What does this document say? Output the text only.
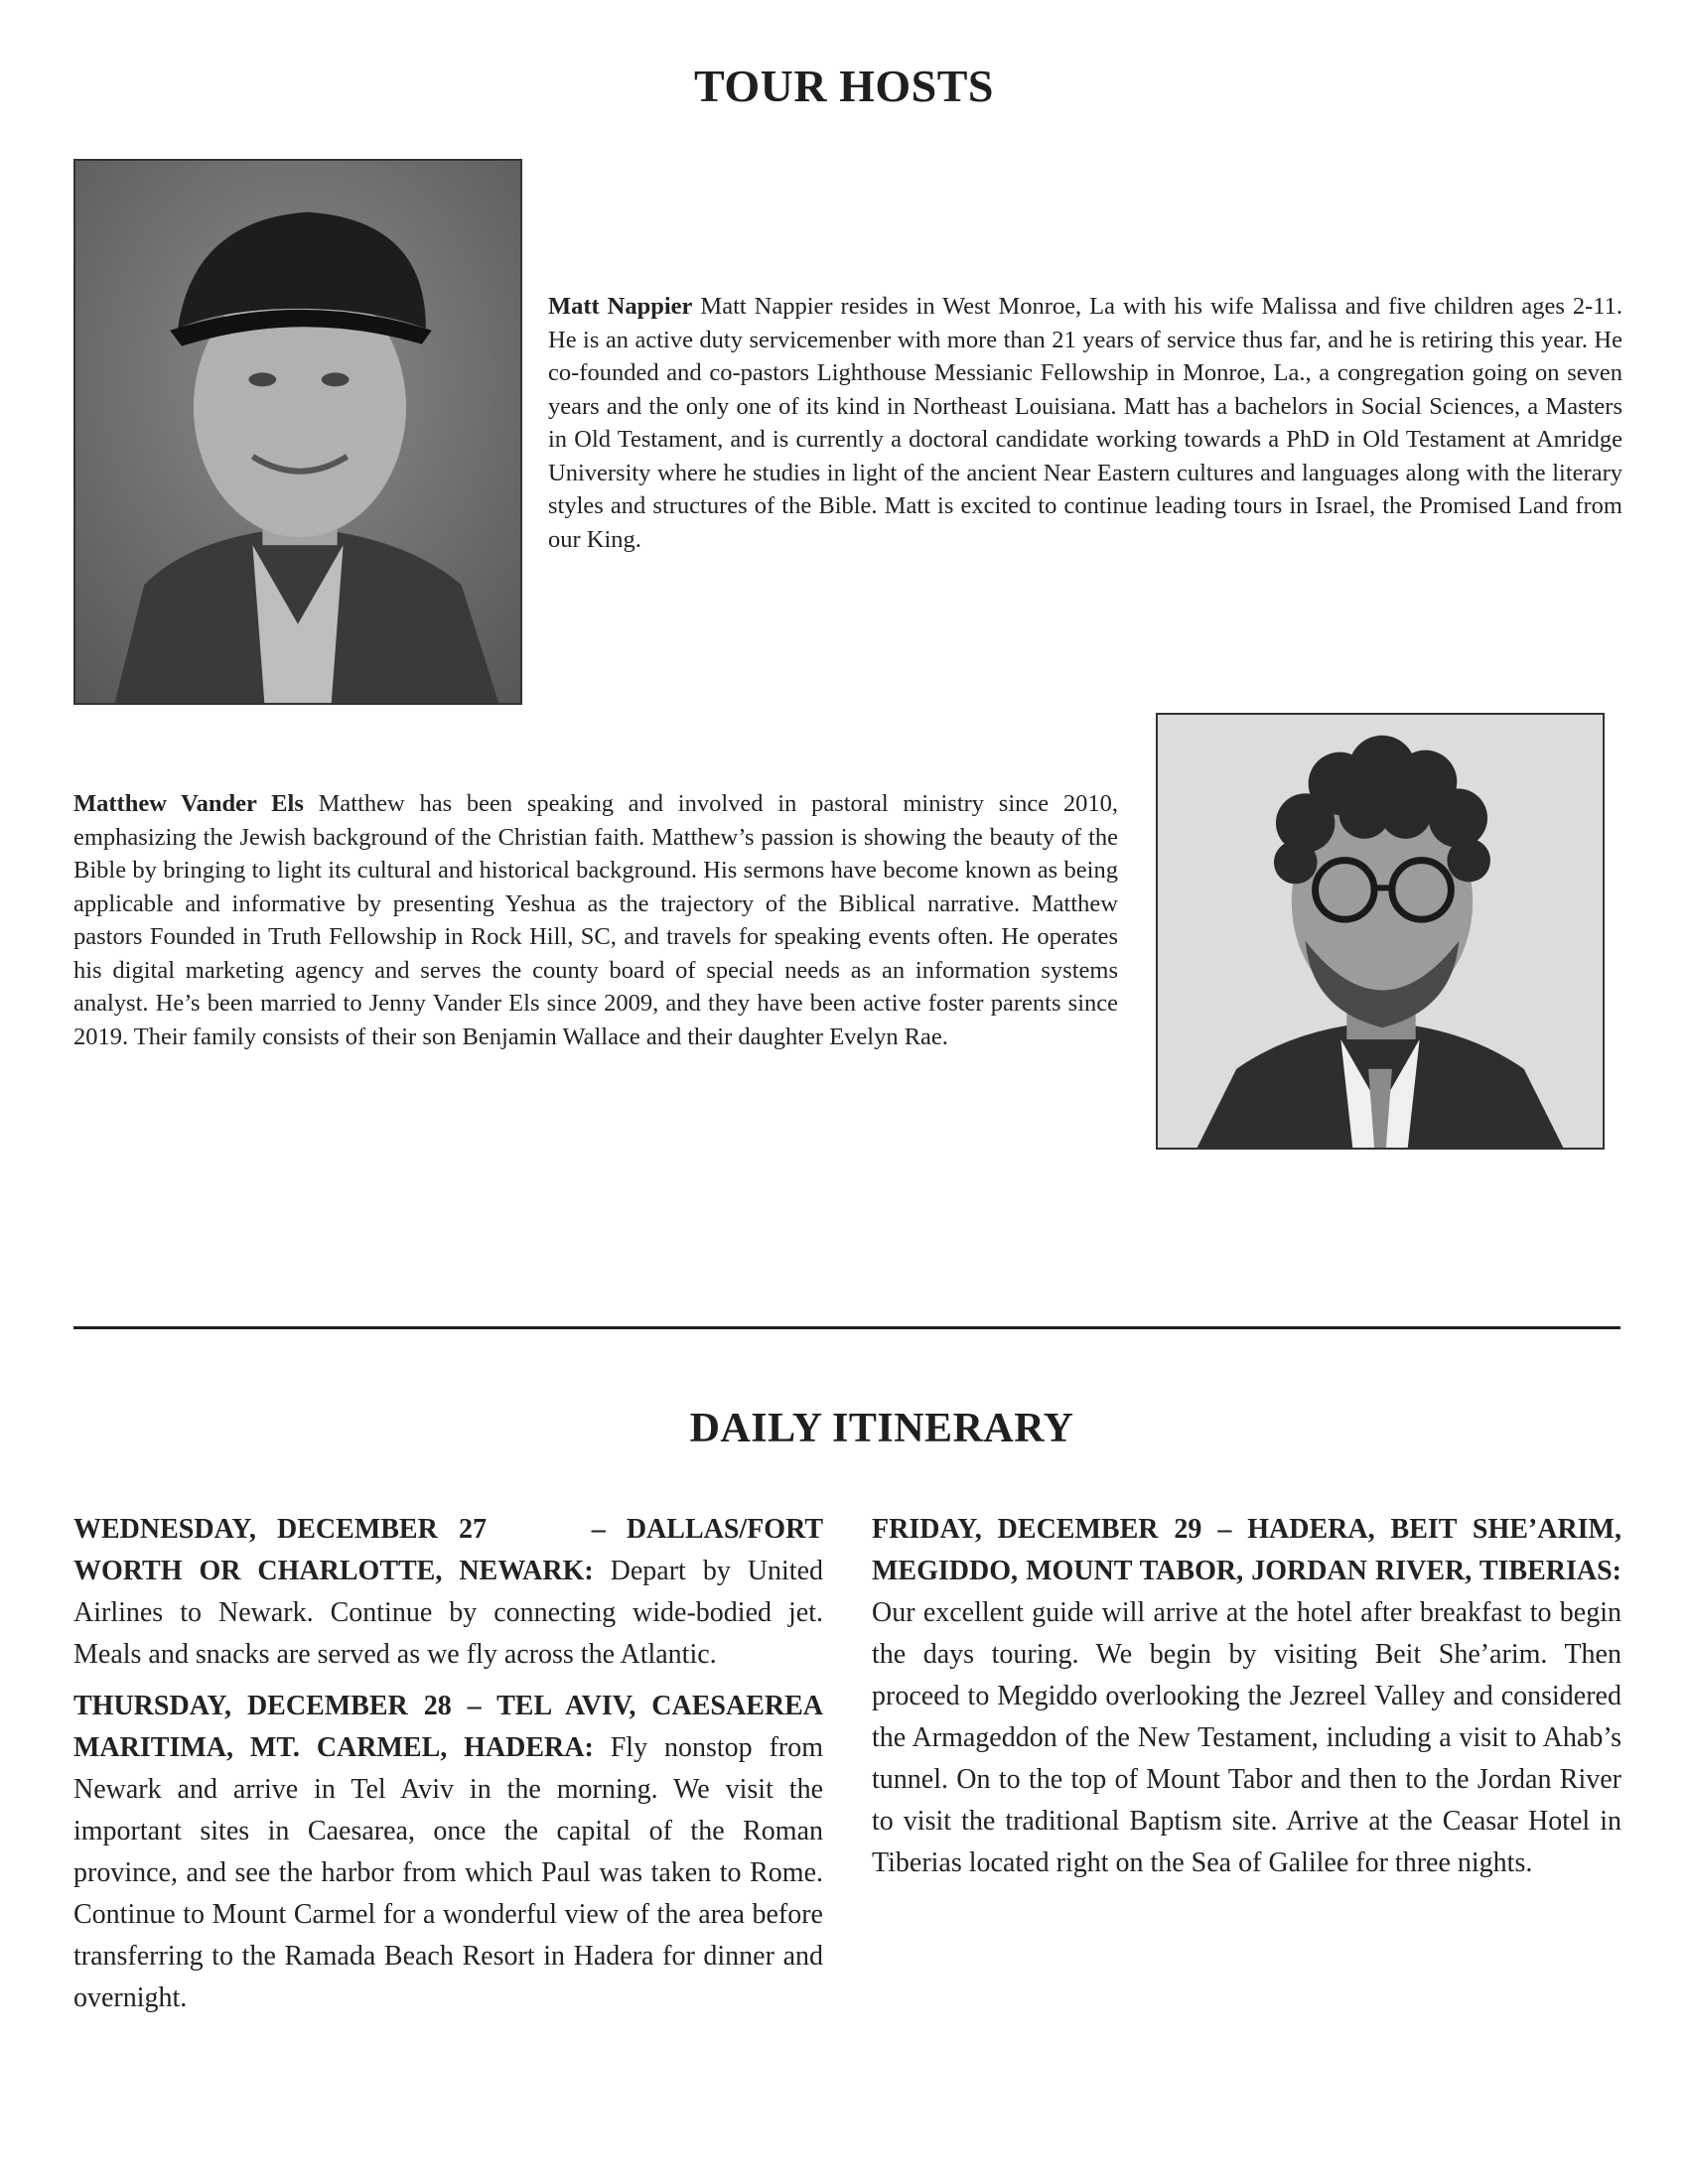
TOUR HOSTS

Matt Nappier Matt Nappier resides in West Monroe, La with his wife Malissa and five children ages 2-11. He is an active duty servicemenber with more than 21 years of service thus far, and he is retiring this year. He co-founded and co-pastors Lighthouse Messianic Fellowship in Monroe, La., a congregation going on seven years and the only one of its kind in Northeast Louisiana. Matt has a bachelors in Social Sciences, a Masters in Old Testament, and is currently a doctoral candidate working towards a PhD in Old Testament at Amridge University where he studies in light of the ancient Near Eastern cultures and languages along with the literary styles and structures of the Bible. Matt is excited to continue leading tours in Israel, the Promised Land from our King.

Matthew Vander Els Matthew has been speaking and involved in pastoral ministry since 2010, emphasizing the Jewish background of the Christian faith. Matthew’s passion is showing the beauty of the Bible by bringing to light its cultural and historical background. His sermons have become known as being applicable and informative by presenting Yeshua as the trajectory of the Biblical narrative. Matthew pastors Founded in Truth Fellowship in Rock Hill, SC, and travels for speaking events often. He operates his digital marketing agency and serves the county board of special needs as an information systems analyst. He’s been married to Jenny Vander Els since 2009, and they have been active foster parents since 2019. Their family consists of their son Benjamin Wallace and their daughter Evelyn Rae.

DAILY ITINERARY

WEDNESDAY, DECEMBER 27     – DALLAS/FORT WORTH OR CHARLOTTE, NEWARK: Depart by United Airlines to Newark. Continue by connecting wide-bodied jet. Meals and snacks are served as we fly across the Atlantic.

THURSDAY, DECEMBER 28 – TEL AVIV, CAESAEREA MARITIMA, MT. CARMEL, HADERA: Fly nonstop from Newark and arrive in Tel Aviv in the morning. We visit the important sites in Caesarea, once the capital of the Roman province, and see the harbor from which Paul was taken to Rome. Continue to Mount Carmel for a wonderful view of the area before transferring to the Ramada Beach Resort in Hadera for dinner and overnight.

FRIDAY, DECEMBER 29 – HADERA, BEIT SHE’ARIM, MEGIDDO, MOUNT TABOR, JORDAN RIVER, TIBERIAS: Our excellent guide will arrive at the hotel after breakfast to begin the days touring. We begin by visiting Beit She’arim. Then proceed to Megiddo overlooking the Jezreel Valley and considered the Armageddon of the New Testament, including a visit to Ahab’s tunnel. On to the top of Mount Tabor and then to the Jordan River to visit the traditional Baptism site. Arrive at the Ceasar Hotel in Tiberias located right on the Sea of Galilee for three nights.
